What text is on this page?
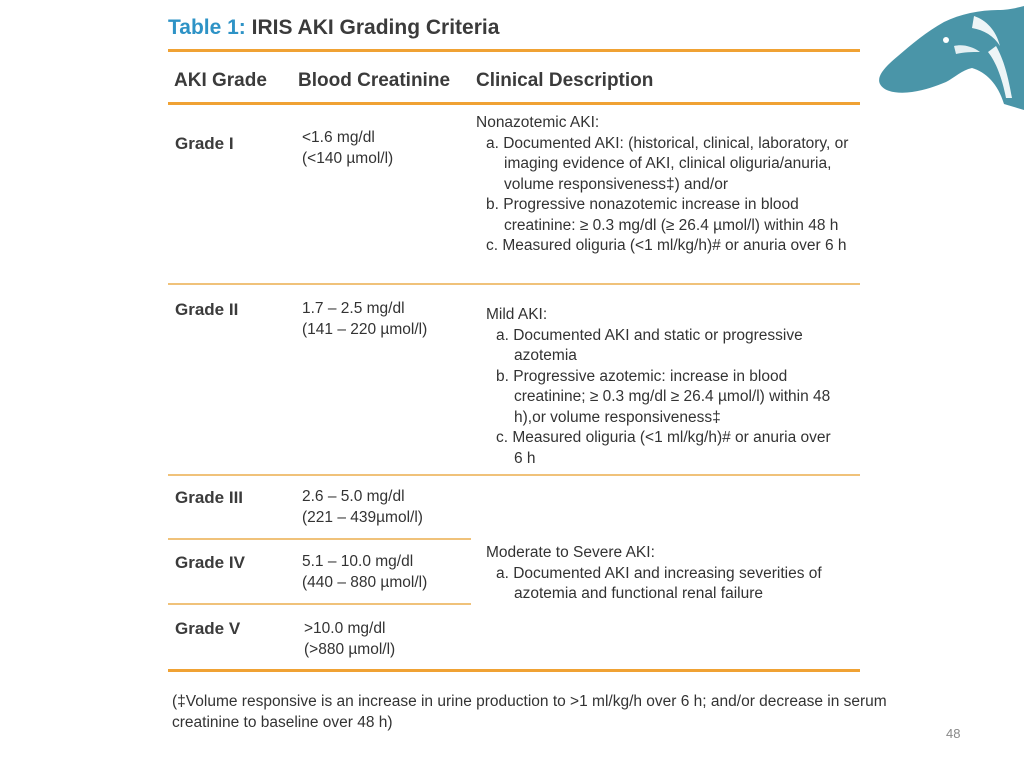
Table 1: IRIS AKI Grading Criteria
AKI Grade Blood Creatinine Clinical Description
Grade I
Grade II
Grade III
Grade IV
Grade V
<1.6 mg/dl
(<140 µmol/l)
1.7 – 2.5 mg/dl
(141 – 220 µmol/l)
2.6 – 5.0 mg/dl
(221 – 439µmol/l)
5.1 – 10.0 mg/dl
(440 – 880 µmol/l)
>10.0 mg/dl
(>880 µmol/l)

Nonazotemic AKI:

a. Documented AKI: (historical, clinical, laboratory, or imaging evidence of AKI, clinical oliguria/anuria, volume responsiveness‡) and/or

b. Progressive nonazotemic increase in blood creatinine: ≥ 0.3 mg/dl (≥ 26.4 µmol/l) within 48 h

c. Measured oliguria (<1 ml/kg/h)# or anuria over 6 h

Mild AKI:

a. Documented AKI and static or progressive azotemia

b. Progressive azotemic: increase in blood creatinine; ≥ 0.3 mg/dl ≥ 26.4 µmol/l) within 48 h),or volume responsiveness‡

c. Measured oliguria (<1 ml/kg/h)# or anuria over 6 h

Moderate to Severe AKI:

a. Documented AKI and increasing severities of azotemia and functional renal failure

(‡Volume responsive is an increase in urine production to >1 ml/kg/h over 6 h; and/or decrease in serum creatinine to baseline over 48 h)
48
